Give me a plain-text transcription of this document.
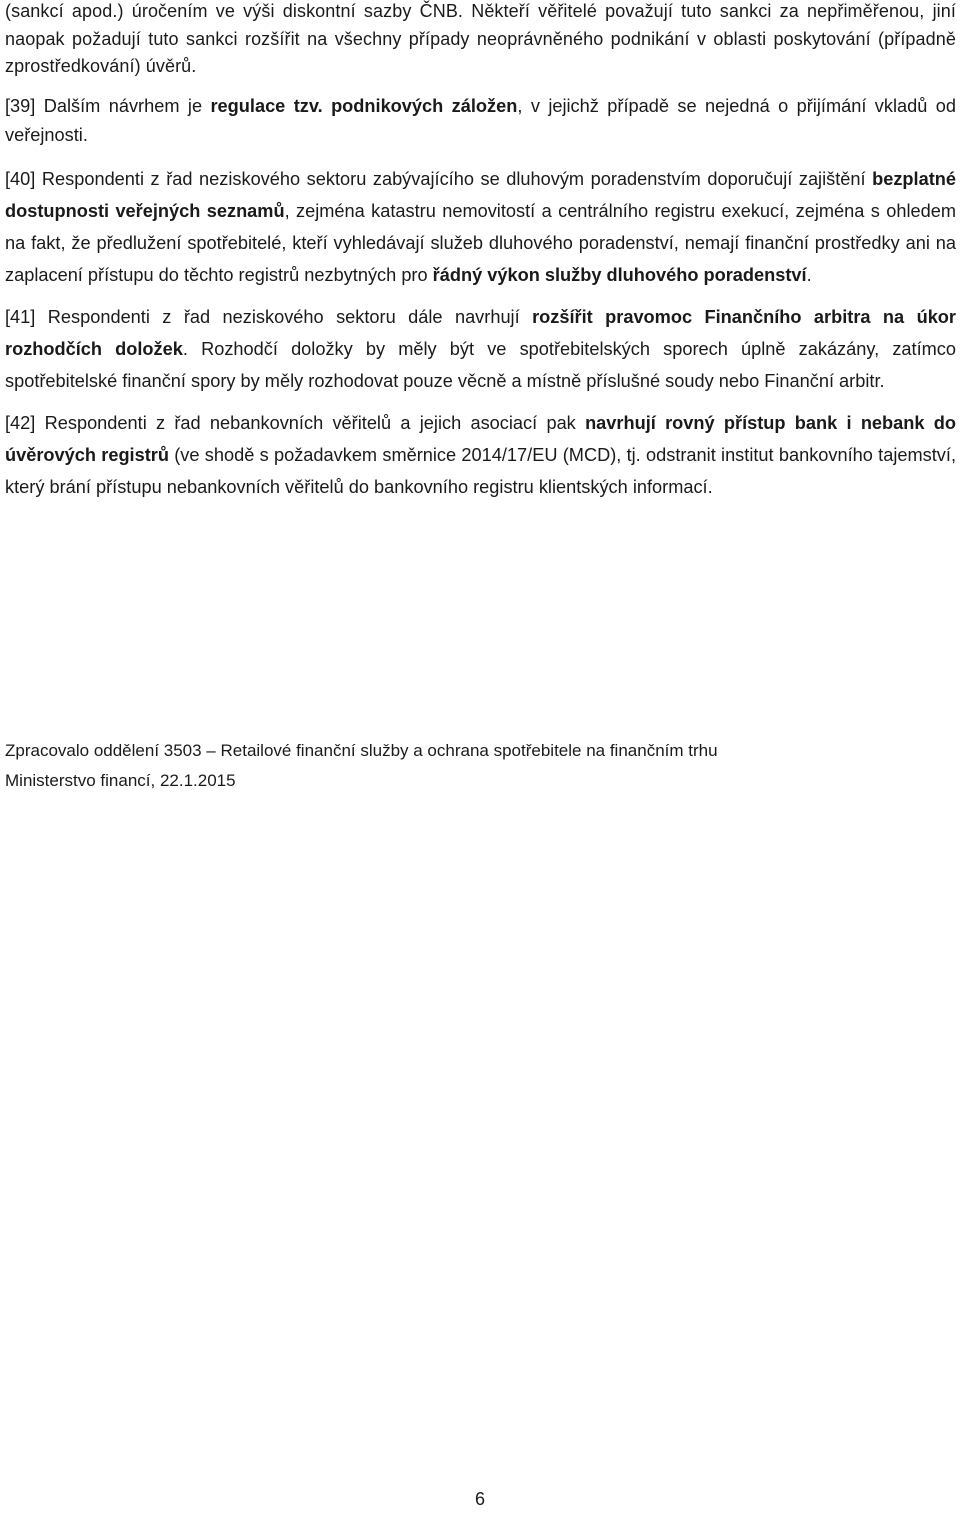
(sankcí apod.) úročením ve výši diskontní sazby ČNB. Někteří věřitelé považují tuto sankci za nepřiměřenou, jiní naopak požadují tuto sankci rozšířit na všechny případy neoprávněného podnikání v oblasti poskytování (případně zprostředkování) úvěrů.

[39] Dalším návrhem je regulace tzv. podnikových záložen, v jejichž případě se nejedná o přijímání vkladů od veřejnosti.

[40] Respondenti z řad neziskového sektoru zabývajícího se dluhovým poradenstvím doporučují zajištění bezplatné dostupnosti veřejných seznamů, zejména katastru nemovitostí a centrálního registru exekucí, zejména s ohledem na fakt, že předlužení spotřebitelé, kteří vyhledávají služeb dluhového poradenství, nemají finanční prostředky ani na zaplacení přístupu do těchto registrů nezbytných pro řádný výkon služby dluhového poradenství.

[41] Respondenti z řad neziskového sektoru dále navrhují rozšířit pravomoc Finančního arbitra na úkor rozhodčích doložek. Rozhodčí doložky by měly být ve spotřebitelských sporech úplně zakázány, zatímco spotřebitelské finanční spory by měly rozhodovat pouze věcně a místně příslušné soudy nebo Finanční arbitr.

[42] Respondenti z řad nebankovních věřitelů a jejich asociací pak navrhují rovný přístup bank i nebank do úvěrových registrů (ve shodě s požadavkem směrnice 2014/17/EU (MCD), tj. odstranit institut bankovního tajemství, který brání přístupu nebankovních věřitelů do bankovního registru klientských informací.

Zpracovalo oddělení 3503 – Retailové finanční služby a ochrana spotřebitele na finančním trhu
Ministerstvo financí, 22.1.2015
6
